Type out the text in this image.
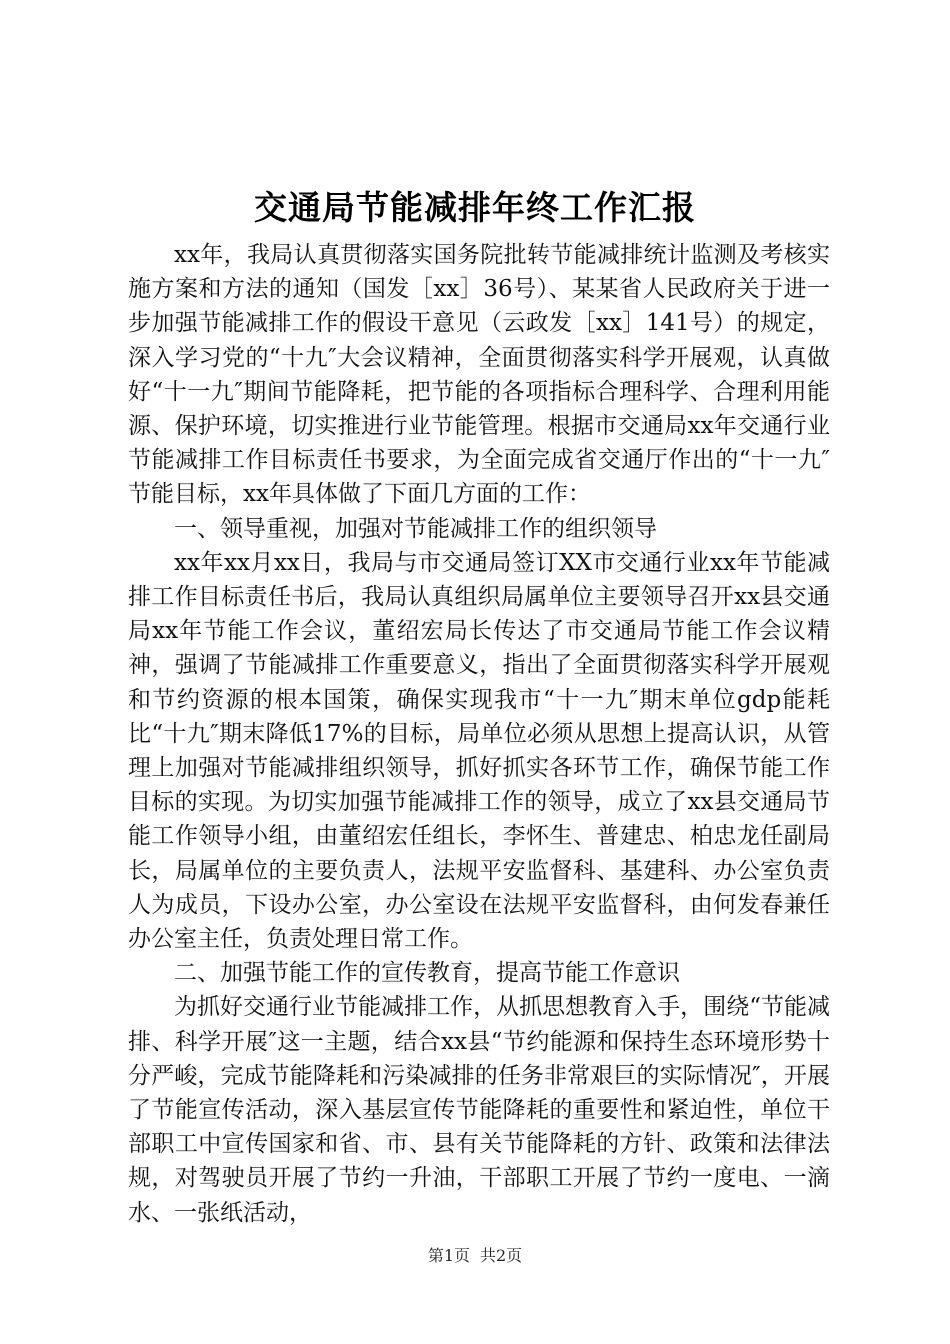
交通局节能减排年终工作汇报

xx年，我局认真贯彻落实国务院批转节能减排统计监测及考核实施方案和方法的通知（国发［xx］36号）、某某省人民政府关于进一步加强节能减排工作的假设干意见（云政发［xx］141号）的规定，深入学习党的“十九″大会议精神，全面贯彻落实科学开展观，认真做好“十一九″期间节能降耗，把节能的各项指标合理科学、合理利用能源、保护环境，切实推进行业节能管理。根据市交通局xx年交通行业节能减排工作目标责任书要求，为全面完成省交通厅作出的“十一九″节能目标，xx年具体做了下面几方面的工作：

一、领导重视，加强对节能减排工作的组织领导

xx年xx月xx日，我局与市交通局签订XX市交通行业xx年节能减排工作目标责任书后，我局认真组织局属单位主要领导召开xx县交通局xx年节能工作会议，董绍宏局长传达了市交通局节能工作会议精神，强调了节能减排工作重要意义，指出了全面贯彻落实科学开展观和节约资源的根本国策，确保实现我市“十一九″期末单位gdp能耗比“十九″期末降低17%的目标，局单位必须从思想上提高认识，从管理上加强对节能减排组织领导，抓好抓实各环节工作，确保节能工作目标的实现。为切实加强节能减排工作的领导，成立了xx县交通局节能工作领导小组，由董绍宏任组长，李怀生、普建忠、柏忠龙任副局长，局属单位的主要负责人，法规平安监督科、基建科、办公室负责人为成员，下设办公室，办公室设在法规平安监督科，由何发春兼任办公室主任，负责处理日常工作。

二、加强节能工作的宣传教育，提高节能工作意识

为抓好交通行业节能减排工作，从抓思想教育入手，围绕“节能减排、科学开展″这一主题，结合xx县“节约能源和保持生态环境形势十分严峻，完成节能降耗和污染减排的任务非常艰巨的实际情况″，开展了节能宣传活动，深入基层宣传节能降耗的重要性和紧迫性，单位干部职工中宣传国家和省、市、县有关节能降耗的方针、政策和法律法规，对驾驶员开展了节约一升油，干部职工开展了节约一度电、一滴水、一张纸活动，

第1页 共2页
